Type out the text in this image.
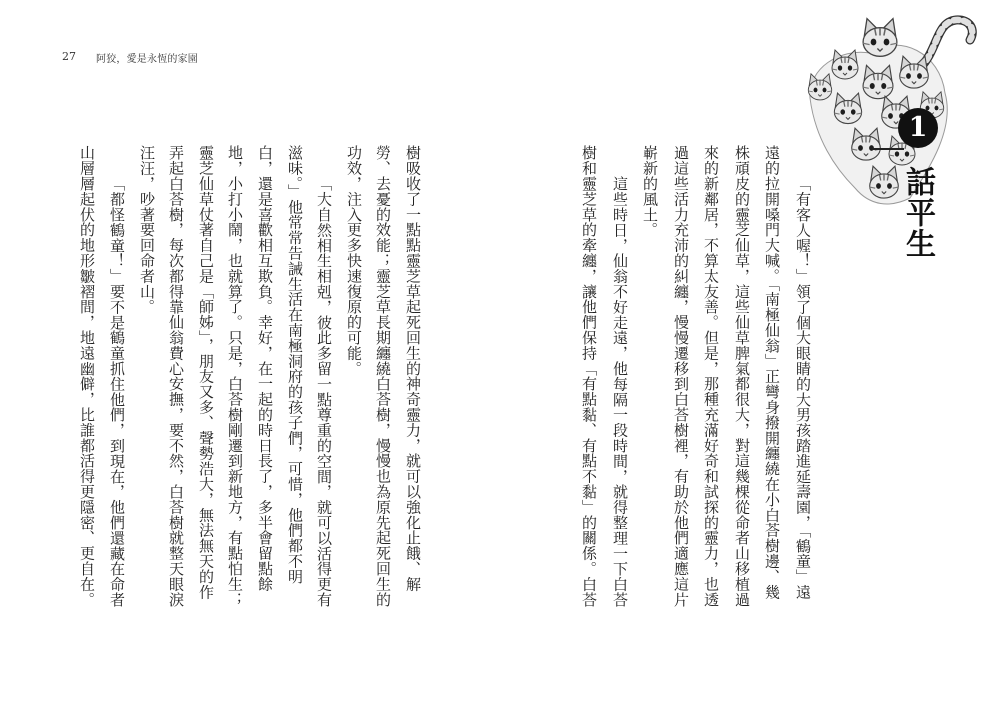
27 阿狡，愛是永恆的家園
樹吸收了一點點靈芝草起死回生的神奇靈力，就可以強化止餓、解
勞、去憂的效能；靈芝草長期纏繞白荅樹，慢慢也為原先起死回生的
功效，注入更多快速復原的可能。
「大自然相生相剋，彼此多留一點尊重的空間，就可以活得更有
滋味。」他常常告誡生活在南極洞府的孩子們，可惜，他們都不明
白，還是喜歡相互欺負。幸好，在一起的時日長了，多半會留點餘
地，小打小鬧，也就算了。只是，白荅樹剛遷到新地方，有點怕生；
靈芝仙草仗著自己是「師姊」，朋友又多、聲勢浩大，無法無天的作
弄起白荅樹，每次都得靠仙翁費心安撫，要不然，白荅樹就整天眼淚
汪汪，吵著要回命者山。
「都怪鶴童！」要不是鶴童抓住他們，到現在，他們還藏在命者
山層層起伏的地形皺褶間，地遠幽僻，比誰都活得更隱密、更自在。
1
話平生
「有客人喔！」領了個大眼睛的大男孩踏進延壽園，「鶴童」遠
遠的拉開嗓門大喊。「南極仙翁」正彎身撥開纏繞在小白荅樹邊、幾
株頑皮的靈芝仙草，這些仙草脾氣都很大，對這幾棵從命者山移植過
來的新鄰居，不算太友善。但是，那種充滿好奇和試探的靈力，也透
過這些活力充沛的糾纏，慢慢遷移到白荅樹裡，有助於他們適應這片
嶄新的風土。
這些時日，仙翁不好走遠，他每隔一段時間，就得整理一下白荅
樹和靈芝草的牽纏，讓他們保持「有點黏、有點不黏」的關係。白荅
